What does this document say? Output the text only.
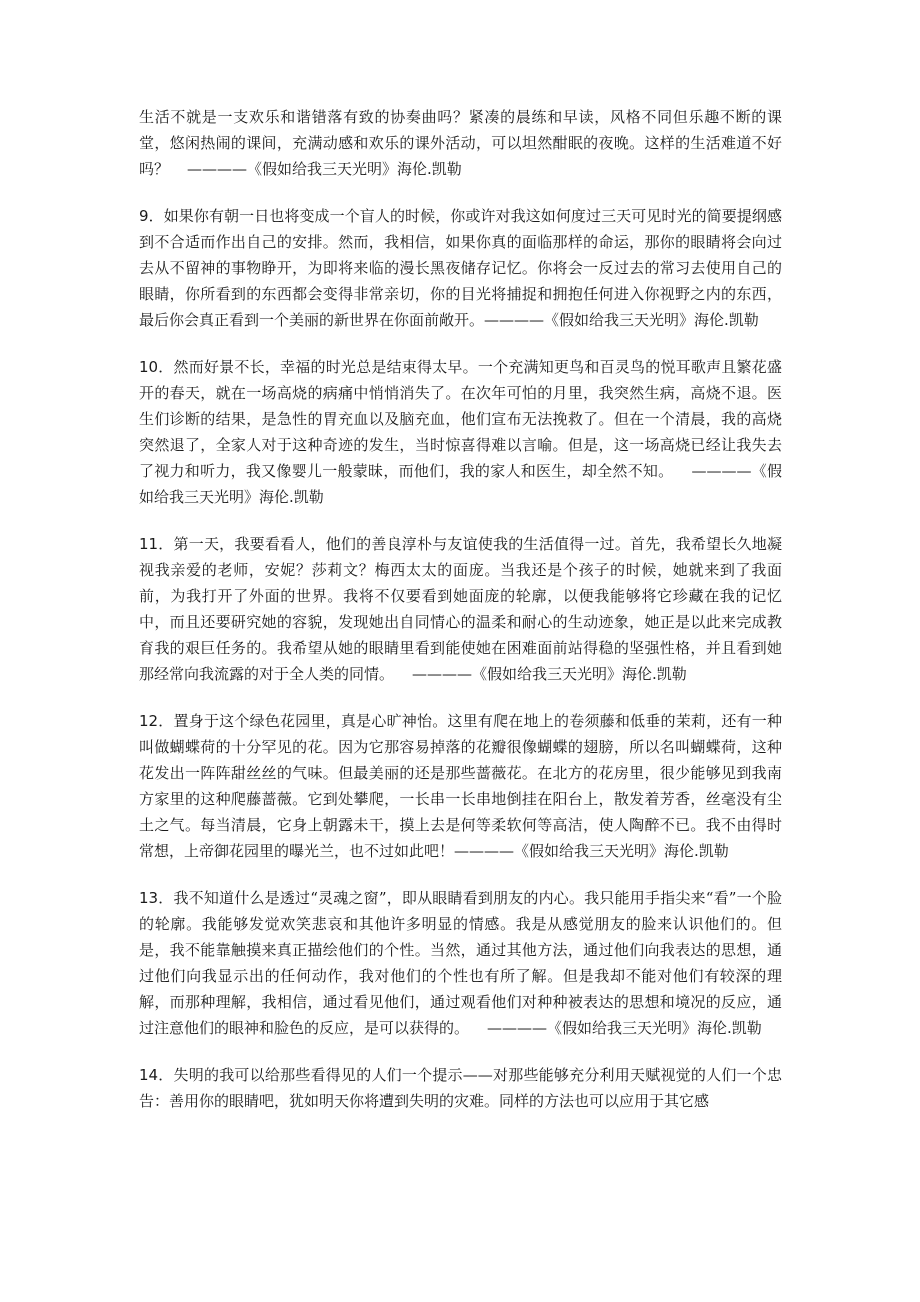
生活不就是一支欢乐和谐错落有致的协奏曲吗？紧凑的晨练和早读，风格不同但乐趣不断的课堂，悠闲热闹的课间，充满动感和欢乐的课外活动，可以坦然酣眠的夜晚。这样的生活难道不好吗？ ————《假如给我三天光明》海伦.凯勒

9．如果你有朝一日也将变成一个盲人的时候，你或许对我这如何度过三天可见时光的简要提纲感到不合适而作出自己的安排。然而，我相信，如果你真的面临那样的命运，那你的眼睛将会向过去从不留神的事物睁开，为即将来临的漫长黑夜储存记忆。你将会一反过去的常习去使用自己的眼睛，你所看到的东西都会变得非常亲切，你的目光将捕捉和拥抱任何进入你视野之内的东西，最后你会真正看到一个美丽的新世界在你面前敞开。————《假如给我三天光明》海伦.凯勒

10．然而好景不长，幸福的时光总是结束得太早。一个充满知更鸟和百灵鸟的悦耳歌声且繁花盛开的春天，就在一场高烧的病痛中悄悄消失了。在次年可怕的月里，我突然生病，高烧不退。医生们诊断的结果，是急性的胃充血以及脑充血，他们宣布无法挽救了。但在一个清晨，我的高烧突然退了，全家人对于这种奇迹的发生，当时惊喜得难以言喻。但是，这一场高烧已经让我失去了视力和听力，我又像婴儿一般蒙昧，而他们，我的家人和医生，却全然不知。 ————《假如给我三天光明》海伦.凯勒

11．第一天，我要看看人，他们的善良淳朴与友谊使我的生活值得一过。首先，我希望长久地凝视我亲爱的老师，安妮？莎莉文？梅西太太的面庞。当我还是个孩子的时候，她就来到了我面前，为我打开了外面的世界。我将不仅要看到她面庞的轮廓，以便我能够将它珍藏在我的记忆中，而且还要研究她的容貌，发现她出自同情心的温柔和耐心的生动迹象，她正是以此来完成教育我的艰巨任务的。我希望从她的眼睛里看到能使她在困难面前站得稳的坚强性格，并且看到她那经常向我流露的对于全人类的同情。 ————《假如给我三天光明》海伦.凯勒

12．置身于这个绿色花园里，真是心旷神怡。这里有爬在地上的卷须藤和低垂的茉莉，还有一种叫做蝴蝶荷的十分罕见的花。因为它那容易掉落的花瓣很像蝴蝶的翅膀，所以名叫蝴蝶荷，这种花发出一阵阵甜丝丝的气味。但最美丽的还是那些蔷薇花。在北方的花房里，很少能够见到我南方家里的这种爬藤蔷薇。它到处攀爬，一长串一长串地倒挂在阳台上，散发着芳香，丝毫没有尘土之气。每当清晨，它身上朝露未干，摸上去是何等柔软何等高洁，使人陶醉不已。我不由得时常想，上帝御花园里的曝光兰，也不过如此吧！————《假如给我三天光明》海伦.凯勒

13．我不知道什么是透过“灵魂之窗”，即从眼睛看到朋友的内心。我只能用手指尖来“看”一个脸的轮廓。我能够发觉欢笑悲哀和其他许多明显的情感。我是从感觉朋友的脸来认识他们的。但是，我不能靠触摸来真正描绘他们的个性。当然，通过其他方法，通过他们向我表达的思想，通过他们向我显示出的任何动作，我对他们的个性也有所了解。但是我却不能对他们有较深的理解，而那种理解，我相信，通过看见他们，通过观看他们对种种被表达的思想和境况的反应，通过注意他们的眼神和脸色的反应，是可以获得的。 ————《假如给我三天光明》海伦.凯勒

14．失明的我可以给那些看得见的人们一个提示——对那些能够充分利用天赋视觉的人们一个忠告：善用你的眼睛吧，犹如明天你将遭到失明的灾难。同样的方法也可以应用于其它感
